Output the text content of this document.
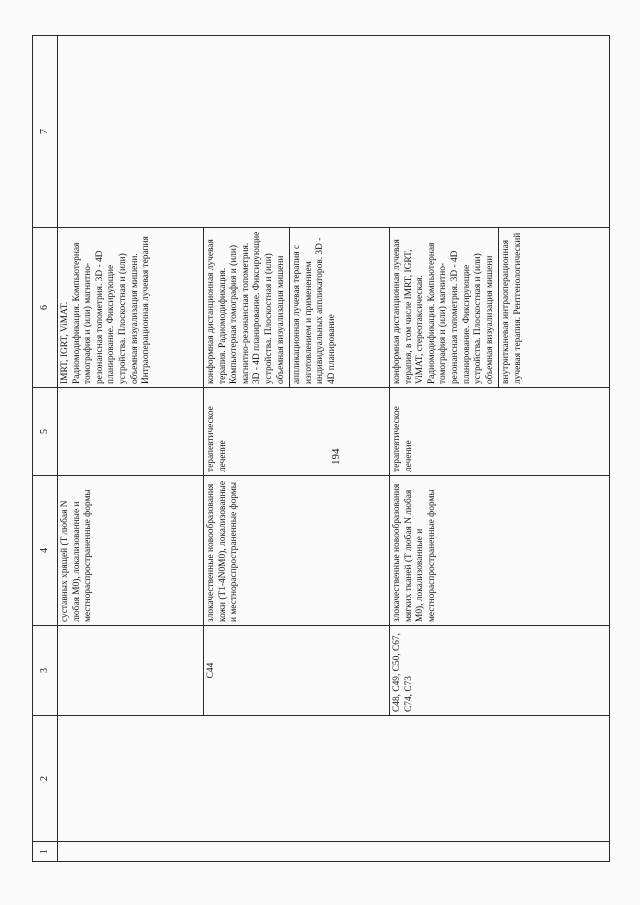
194
1	2	3	4	5	6	7
			суставных хрящей (T любая N любая M0), локализованные и местнораспространенные формы		IMRT, IGRT, ViMAT. Радиомодификация. Компьютерная томография и (или) магнитно-резонансная топометрия. 3D - 4D планирование. Фиксирующие устройства. Плоскостная и (или) объемная визуализация мишени. Интраоперационная лучевая терапия	
		C44	злокачественные новообразования кожи (T1-4N0M0), локализованные и местнораспространенные формы	терапевтическое лечение	конформная дистанционная лучевая терапия. Радиомодификация. Компьютерная томография и (или) магнитно-резонансная топометрия. 3D - 4D планирование. Фиксирующие устройства. Плоскостная и (или) объемная визуализация мишени аппликационная лучевая терапия с изготовлением и применением индивидуальных аппликаторов. 3D - 4D планирование	

		C48, C49, C50, C67, C74, C73	злокачественные новообразования мягких тканей (T любая N любая M0), локализованные и местнораспространенные формы	терапевтическое лечение	конформная дистанционная лучевая терапия, в том числе IMRT, IGRT, ViMAT, стереотаксическая. Радиомодификация. Компьютерная томография и (или) магнитно-резонансная топометрия. 3D - 4D планирование. Фиксирующие устройства. Плоскостная и (или) объемная визуализация мишени внутритканевая интраоперационная лучевая терапия. Рентгенологический	
